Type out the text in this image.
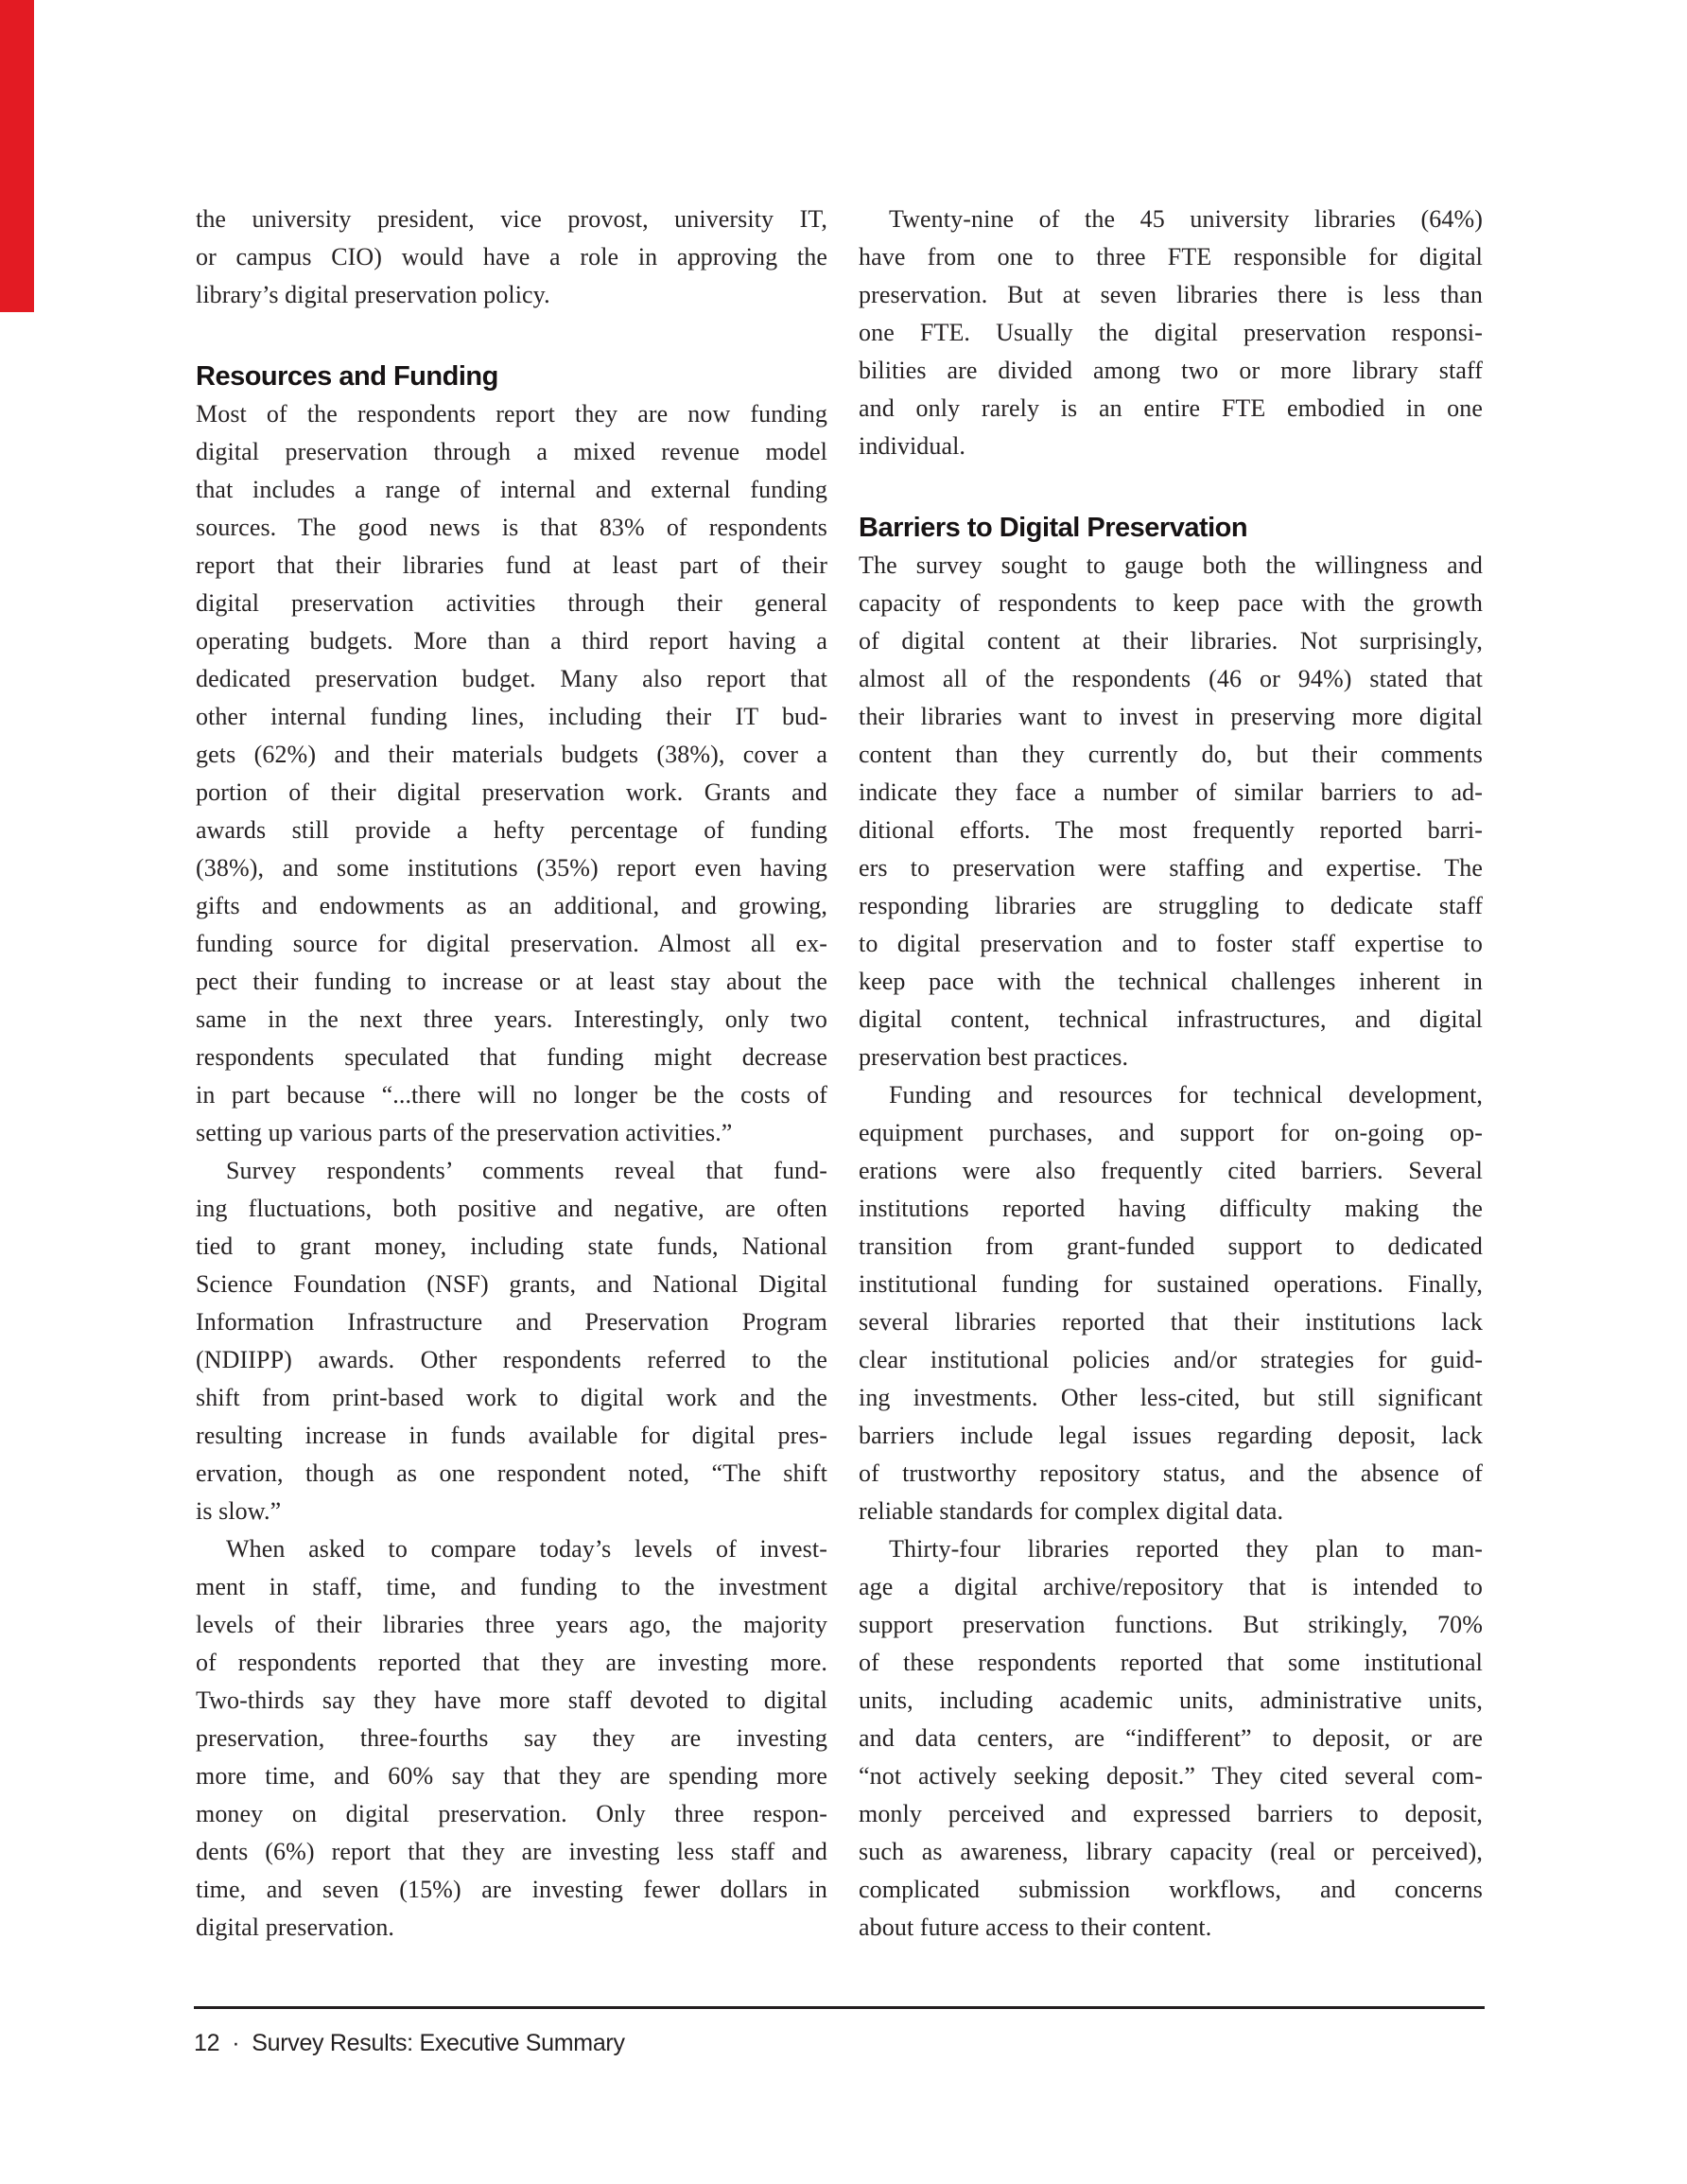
the university president, vice provost, university IT,
or campus CIO) would have a role in approving the
library’s digital preservation policy.
Resources and Funding
Most of the respondents report they are now funding
digital preservation through a mixed revenue model
that includes a range of internal and external funding
sources. The good news is that 83% of respondents
report that their libraries fund at least part of their
digital preservation activities through their general
operating budgets. More than a third report having a
dedicated preservation budget. Many also report that
other internal funding lines, including their IT bud-
gets (62%) and their materials budgets (38%), cover a
portion of their digital preservation work. Grants and
awards still provide a hefty percentage of funding
(38%), and some institutions (35%) report even having
gifts and endowments as an additional, and growing,
funding source for digital preservation. Almost all ex-
pect their funding to increase or at least stay about the
same in the next three years. Interestingly, only two
respondents speculated that funding might decrease
in part because “...there will no longer be the costs of
setting up various parts of the preservation activities.”
Survey respondents’ comments reveal that fund-
ing fluctuations, both positive and negative, are often
tied to grant money, including state funds, National
Science Foundation (NSF) grants, and National Digital
Information Infrastructure and Preservation Program
(NDIIPP) awards. Other respondents referred to the
shift from print-based work to digital work and the
resulting increase in funds available for digital pres-
ervation, though as one respondent noted, “The shift
is slow.”
When asked to compare today’s levels of invest-
ment in staff, time, and funding to the investment
levels of their libraries three years ago, the majority
of respondents reported that they are investing more.
Two-thirds say they have more staff devoted to digital
preservation, three-fourths say they are investing
more time, and 60% say that they are spending more
money on digital preservation. Only three respon-
dents (6%) report that they are investing less staff and
time, and seven (15%) are investing fewer dollars in
digital preservation.
Twenty-nine of the 45 university libraries (64%)
have from one to three FTE responsible for digital
preservation. But at seven libraries there is less than
one FTE. Usually the digital preservation responsi-
bilities are divided among two or more library staff
and only rarely is an entire FTE embodied in one
individual.
Barriers to Digital Preservation
The survey sought to gauge both the willingness and
capacity of respondents to keep pace with the growth
of digital content at their libraries. Not surprisingly,
almost all of the respondents (46 or 94%) stated that
their libraries want to invest in preserving more digital
content than they currently do, but their comments
indicate they face a number of similar barriers to ad-
ditional efforts. The most frequently reported barri-
ers to preservation were staffing and expertise. The
responding libraries are struggling to dedicate staff
to digital preservation and to foster staff expertise to
keep pace with the technical challenges inherent in
digital content, technical infrastructures, and digital
preservation best practices.
Funding and resources for technical development,
equipment purchases, and support for on-going op-
erations were also frequently cited barriers. Several
institutions reported having difficulty making the
transition from grant-funded support to dedicated
institutional funding for sustained operations. Finally,
several libraries reported that their institutions lack
clear institutional policies and/or strategies for guid-
ing investments. Other less-cited, but still significant
barriers include legal issues regarding deposit, lack
of trustworthy repository status, and the absence of
reliable standards for complex digital data.
Thirty-four libraries reported they plan to man-
age a digital archive/repository that is intended to
support preservation functions. But strikingly, 70%
of these respondents reported that some institutional
units, including academic units, administrative units,
and data centers, are “indifferent” to deposit, or are
“not actively seeking deposit.” They cited several com-
monly perceived and expressed barriers to deposit,
such as awareness, library capacity (real or perceived),
complicated submission workflows, and concerns
about future access to their content.
12 · Survey Results: Executive Summary
